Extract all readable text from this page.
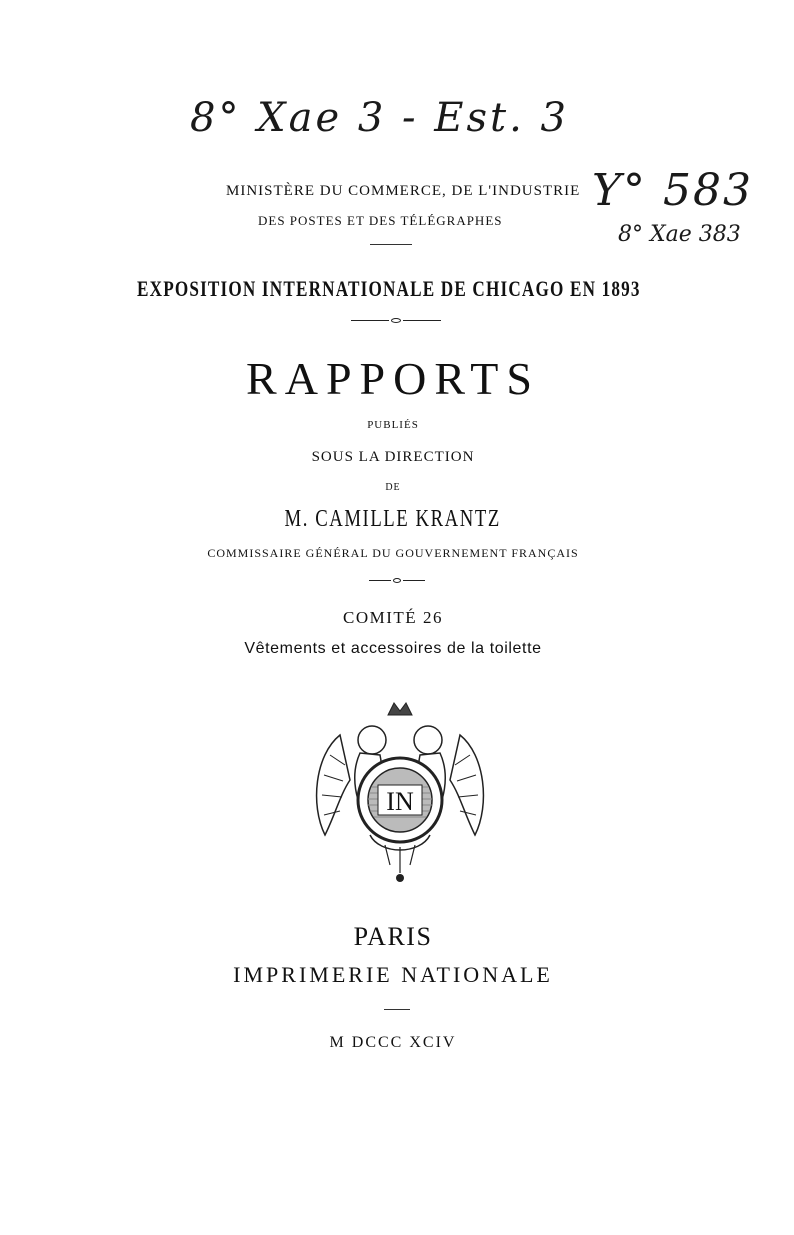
8° Xae 3 - Est. 3
Y° 583
8° Xae 383
MINISTÈRE DU COMMERCE, DE L'INDUSTRIE
DES POSTES ET DES TÉLÉGRAPHES
EXPOSITION INTERNATIONALE DE CHICAGO EN 1893
RAPPORTS
PUBLIÉS
SOUS LA DIRECTION
DE
M. CAMILLE KRANTZ
COMMISSAIRE GÉNÉRAL DU GOUVERNEMENT FRANÇAIS
COMITÉ 26
Vêtements et accessoires de la toilette
IN
PARIS
IMPRIMERIE NATIONALE
M DCCC XCIV
